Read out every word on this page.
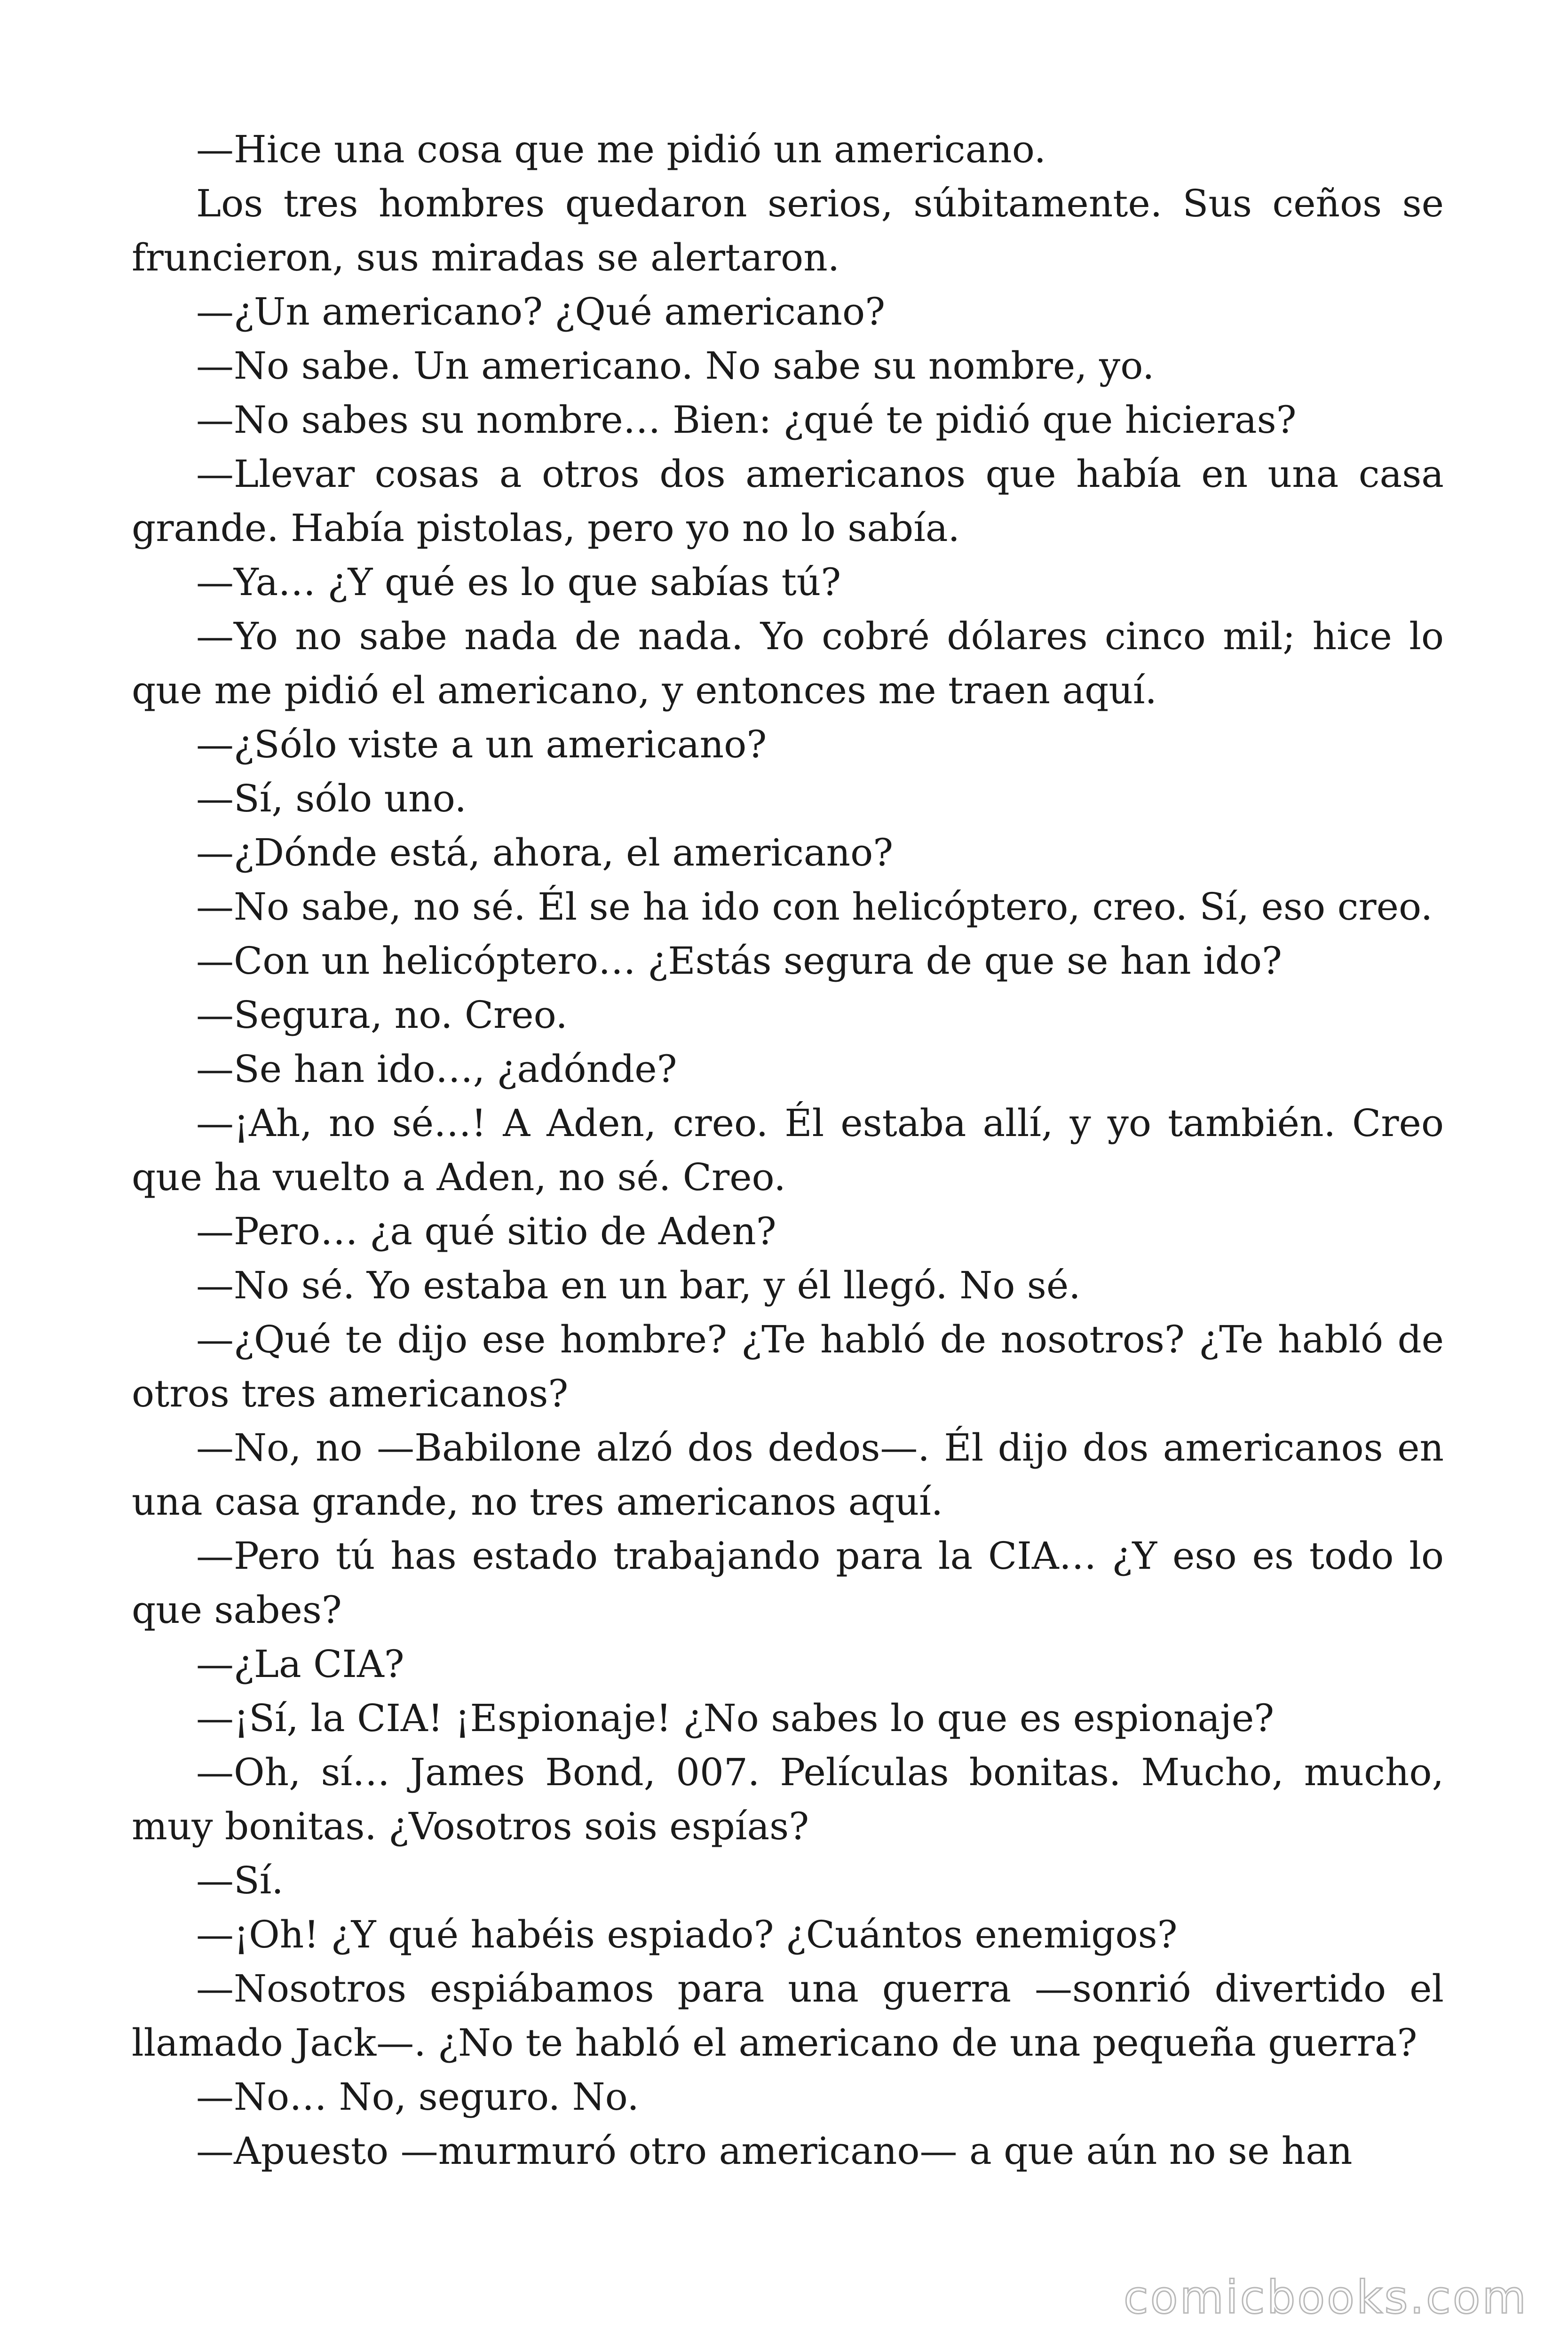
—Hice una cosa que me pidió un americano.

Los tres hombres quedaron serios, súbitamente. Sus ceños se fruncieron, sus miradas se alertaron.

—¿Un americano? ¿Qué americano?

—No sabe. Un americano. No sabe su nombre, yo.

—No sabes su nombre… Bien: ¿qué te pidió que hicieras?

—Llevar cosas a otros dos americanos que había en una casa grande. Había pistolas, pero yo no lo sabía.

—Ya… ¿Y qué es lo que sabías tú?

—Yo no sabe nada de nada. Yo cobré dólares cinco mil; hice lo que me pidió el americano, y entonces me traen aquí.

—¿Sólo viste a un americano?

—Sí, sólo uno.

—¿Dónde está, ahora, el americano?

—No sabe, no sé. Él se ha ido con helicóptero, creo. Sí, eso creo.

—Con un helicóptero… ¿Estás segura de que se han ido?

—Segura, no. Creo.

—Se han ido…, ¿adónde?

—¡Ah, no sé…! A Aden, creo. Él estaba allí, y yo también. Creo que ha vuelto a Aden, no sé. Creo.

—Pero… ¿a qué sitio de Aden?

—No sé. Yo estaba en un bar, y él llegó. No sé.

—¿Qué te dijo ese hombre? ¿Te habló de nosotros? ¿Te habló de otros tres americanos?

—No, no —Babilone alzó dos dedos—. Él dijo dos americanos en una casa grande, no tres americanos aquí.

—Pero tú has estado trabajando para la CIA… ¿Y eso es todo lo que sabes?

—¿La CIA?

—¡Sí, la CIA! ¡Espionaje! ¿No sabes lo que es espionaje?

—Oh, sí… James Bond, 007. Películas bonitas. Mucho, mucho, muy bonitas. ¿Vosotros sois espías?

—Sí.

—¡Oh! ¿Y qué habéis espiado? ¿Cuántos enemigos?

—Nosotros espiábamos para una guerra —sonrió divertido el llamado Jack—. ¿No te habló el americano de una pequeña guerra?

—No… No, seguro. No.

—Apuesto —murmuró otro americano— a que aún no se han

comicbooks.com
